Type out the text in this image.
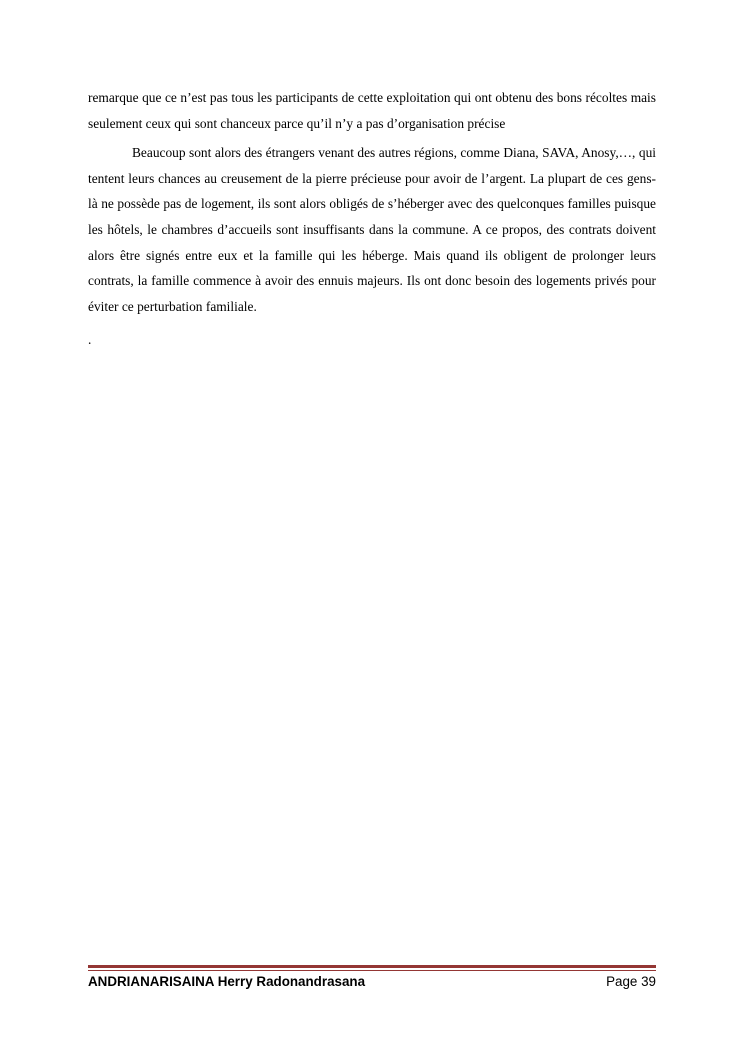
remarque que ce n’est pas tous les participants de cette exploitation qui ont obtenu des bons récoltes mais seulement ceux qui sont chanceux parce qu’il n’y a pas d’organisation précise

Beaucoup sont alors des étrangers venant des autres régions, comme Diana, SAVA, Anosy,…, qui tentent leurs chances au creusement de la pierre précieuse pour avoir de l’argent. La plupart de ces gens-là ne possède pas de logement, ils sont alors obligés de s’héberger avec des quelconques familles puisque les hôtels, le chambres d’accueils sont insuffisants dans la commune. A ce propos, des contrats doivent alors être signés entre eux et la famille qui les héberge. Mais quand ils obligent de prolonger leurs contrats, la famille commence à avoir des ennuis majeurs. Ils ont donc besoin des logements privés pour éviter ce perturbation familiale.

.

ANDRIANARISAINA Herry Radonandrasana	Page 39
